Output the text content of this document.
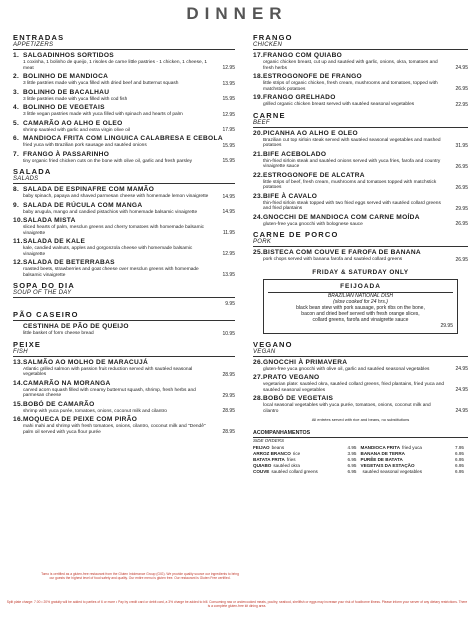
DINNER
ENTRADAS
APPETIZERS
1. SALGADINHOS SORTIDOS
1 coxinha, 1 bolinho de queijo, 1 risoles de carne little pastries - 1 chicken, 1 cheese, 1 meat	12.95
2. BOLINHO DE MANDIOCA
3 little pastries made with yuca filled with dried beef and butternut squash	13.95
3. BOLINHO DE BACALHAU
3 little pastries made with yuca filled with cod fish	15.95
4. BOLINHO DE VEGETAIS
3 little vegan pastries made with yuca filled with spinach and hearts of palm	12.95
5. CAMARÃO AO ALHO E OLEO
shrimp sautéed with garlic and extra virgin olive oil	17.95
6. MANDIOCA FRITA COM LINGUICA CALABRESA E CEBOLA
fried yuca with Brazilian pork sausage and sautéed onions	15.95
7. FRANGO À PASSARINHO
tiny organic fried chicken cuts on the bone with olive oil, garlic and fresh parsley	15.95
SALADA
SALADS
8. SALADA DE ESPINAFRE COM MAMÃO
baby spinach, papaya and shaved parmesan cheese with homemade lemon vinaigrette	14.95
9. SALADA DE RÚCULA COM MANGA
baby arugula, mango and candied pistachios with homemade balsamic vinaigrette	14.95
10.SALADA MISTA
sliced hearts of palm, mesclun greens and cherry tomatoes with homemade balsamic vinaigrette	11.95
11.SALADA DE KALE
kale, candied walnuts, apples and gorgonzola cheese with homemade balsamic vinaigrette	12.95
12.SALADA DE BETERRABAS
roasted beets, strawberries and goat cheese over mesclun greens with homemade balsamic vinaigrette	13.95
SOPA DO DIA
SOUP OF THE DAY
9.95
PÃO CASEIRO
CESTINHA DE PÃO DE QUEIJO
little basket of form cheese bread	10.95
PEIXE
FISH
13.SALMÃO AO MOLHO DE MARACUJÁ
Atlantic grilled salmon with passion fruit reduction served with sautéed seasonal vegetables	28.95
14.CAMARÃO NA MORANGA
carved acorn squash filled with creamy butternut squash, shrimp, fresh herbs and parmesan cheese	29.95
15.BOBÓ DE CAMARÃO
shrimp with yuca purée, tomatoes, onions, coconut milk and cilantro	28.95
16.MOQUECA DE PEIXE COM PIRÃO
mahi mahi and shrimp with fresh tomatoes, onions, cilantro, coconut milk and "Dendê" palm oil served with yuca flour purée	28.95
FRANGO
CHICKEN
17.FRANGO COM QUIABO
organic chicken breast, cut up and sautéed with garlic, onions, okra, tomatoes and fresh herbs	24.95
18.ESTROGONOFE DE FRANGO
little strips of organic chicken, fresh cream, mushrooms and tomatoes, topped with matchstick potatoes	26.95
19.FRANGO GRELHADO
grilled organic chicken breast served with sautéed seasonal vegetables	22.95
CARNE
BEEF
20.PICANHA AO ALHO E OLEO
Brazilian cut top sirloin steak served with sautéed seasonal vegetables and mashed potatoes	31.95
21.BIFE ACEBOLADO
thin-fried sirloin steak and sautéed onions served with yuca fries, farofa and country vinaigrette sauce	26.95
22.ESTROGONOFE DE ALCATRA
little strips of beef, fresh cream, mushrooms and tomatoes topped with matchstick potatoes	26.95
23.BIFE À CAVALO
thin-fried sirloin steak topped with two fried eggs served with sautéed collard greens and fried plantains	29.95
24.GNOCCHI DE MANDIOCA COM CARNE MOÍDA
gluten-free yuca gnocchi with bolognese sauce	26.95
CARNE DE PORCO
PORK
25.BISTECA COM COUVE E FAROFA DE BANANA
pork chops served with banana farofa and sautéed collard greens	26.95
FRIDAY & SATURDAY ONLY
FEIJOADA
BRAZILIAN NATIONAL DISH
(slow cooked for 24 hrs.)
black bean stew with pork sausage, pork ribs on the bone,
bacon and dried beef served with fresh orange slices,
collard greens, farofa and vinaigrette sauce
29.95
VEGANO
VEGAN
26.GNOCCHI À PRIMAVERA
gluten-free yuca gnocchi with olive oil, garlic and sautéed seasonal vegetables	24.95
27.PRATO VEGANO
vegetarian plate: sautéed okra, sautéed collard greens, fried plantains, fried yuca and sautéed seasonal vegetables	24.95
28.BOBÓ DE VEGETAIS
local seasonal vegetables with yuca purée, tomatoes, onions, coconut milk and cilantro	24.95
All entrées served with rice and beans, no substitutions
ACOMPANHAMENTOS
SIDE ORDERS
FEIJAO beans	4.95 MANDIOCA FRITA fried yuca	7.95
ARROZ BRANCO rice	3.95 BANANA DE TERRA	6.95
BATATA FRITA fries	6.95 PURÊE DE BATATA	6.95
QUIABO sautéed okra	6.95 VEGETAIS DA ESTAÇÃO	6.95
COUVE sautéed collard greens	6.95 sautéed seasonal vegetables	6.95
Tomo is certified as a gluten-free restaurant from the Gluten Intolerance Group (GIG). We provide quality source our ingredients to bring our guests the highest level of food safety and quality. Our entire menu is gluten free. Our restaurant is Gluten Free certified.
Split plate charge: 7.00 • 20% gratuity will be added to parties of 6 or more • Pay by credit card or debit card, a 3% charge be added to bill. Consuming raw or undercooked meats, poultry, seafood, shellfish or eggs may increase your risk of foodborne illness. Please inform your server of any dietary restrictions. There is a complete gluten-free kit dining area.
